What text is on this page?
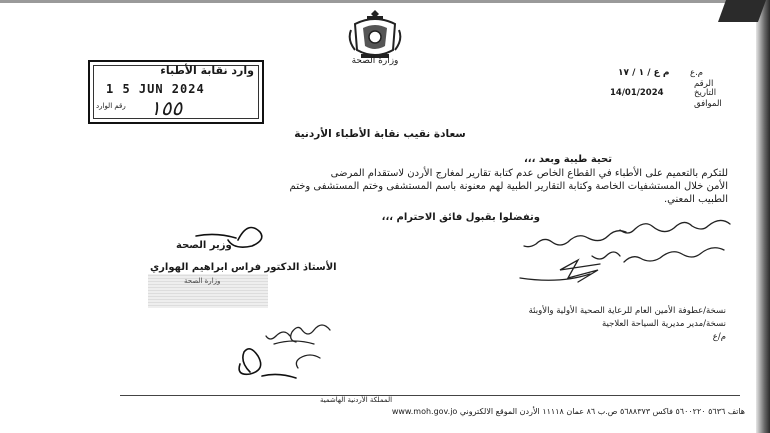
وزارة الصحة
وارد نقابة الأطباء
1 5 JUN 2024
رقم الوارد ١٥٥
م ع / ١ / ١٧ م.ع
الرقم
14/01/2024	التاريخ
الموافق
سعادة نقيب نقابة الأطباء الأردنية
تحية طيبة وبعد ،،،
للتكرم بالتعميم على الأطباء في القطاع الخاص عدم كتابة تقارير لمغارج الأردن لاستقدام المرضى
الأمن خلال المستشفيات الخاصة وكتابة التقارير الطبية لهم معنونة باسم المستشفى وختم المستشفى وختم
الطبيب المعني.
وتفضلوا بقبول فائق الاحترام ،،،
وزير الصحة
الأستاذ الدكتور فراس ابراهيم الهواري
وزارة الصحة
نسخة/عطوفة الأمين العام للرعاية الصحية الأولية والأوبئة
نسخة/مدير مديرية السياحة العلاجية
م/ع
المملكة الأردنية الهاشمية
هاتف ٥٦٣٦ ٥٦٠٠٢٢٠ فاكس ٥٦٨٨٣٧٣ ص.ب ٨٦ عمان ١١١١٨ الأردن الموقع الالكتروني www.moh.gov.jo
